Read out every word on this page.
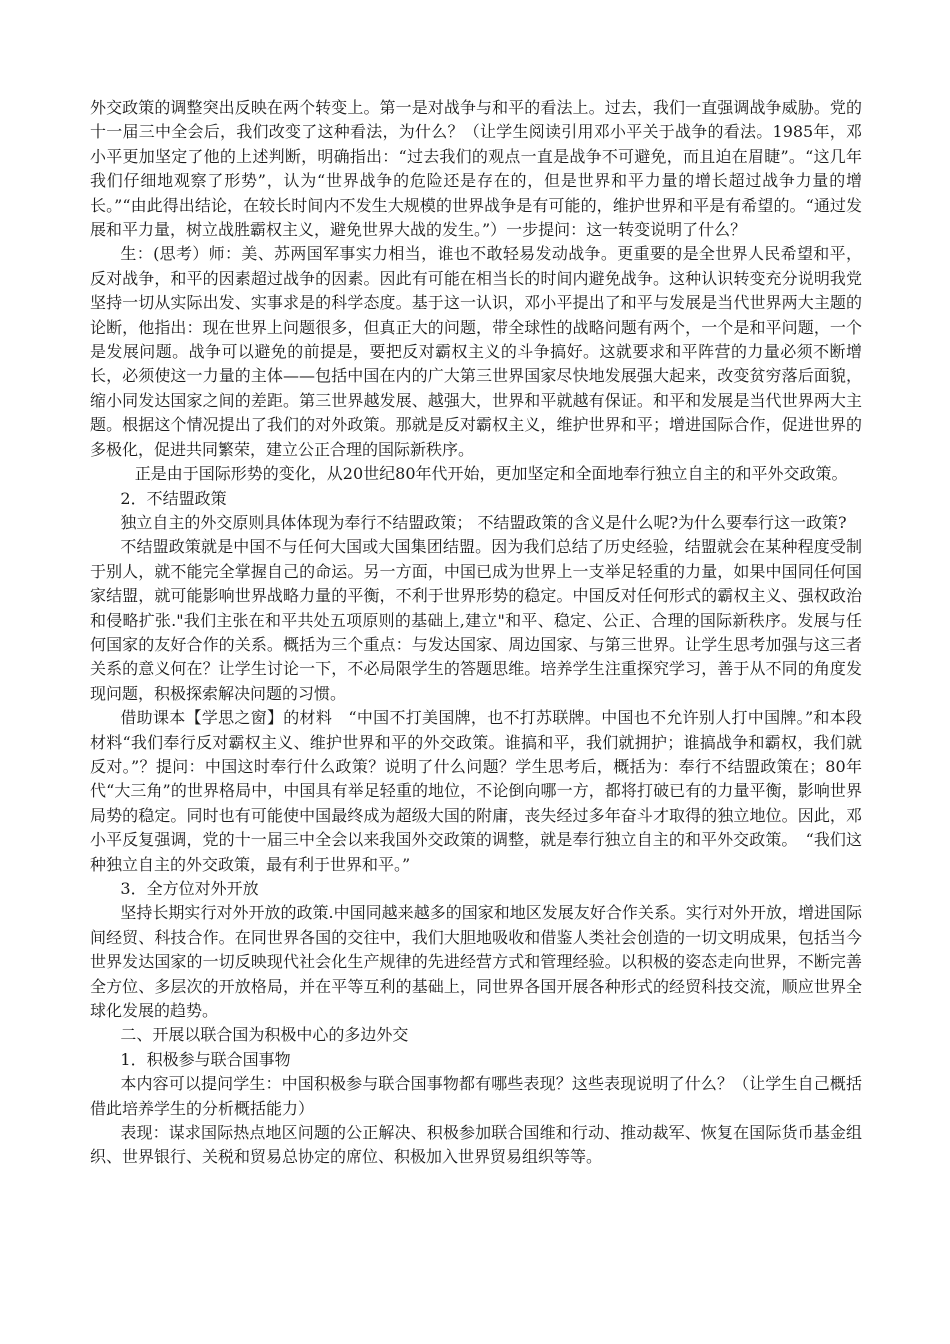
外交政策的调整突出反映在两个转变上。第一是对战争与和平的看法上。过去，我们一直强调战争威胁。党的十一届三中全会后，我们改变了这种看法，为什么？（让学生阅读引用邓小平关于战争的看法。1985年，邓小平更加坚定了他的上述判断，明确指出：“过去我们的观点一直是战争不可避免，而且迫在眉睫”。“这几年我们仔细地观察了形势”，认为“世界战争的危险还是存在的，但是世界和平力量的增长超过战争力量的增长。”“由此得出结论，在较长时间内不发生大规模的世界战争是有可能的，维护世界和平是有希望的。“通过发展和平力量，树立战胜霸权主义，避免世界大战的发生。”）一步提问：这一转变说明了什么？

生：(思考）师：美、苏两国军事实力相当，谁也不敢轻易发动战争。更重要的是全世界人民希望和平，反对战争，和平的因素超过战争的因素。因此有可能在相当长的时间内避免战争。这种认识转变充分说明我党坚持一切从实际出发、实事求是的科学态度。基于这一认识，邓小平提出了和平与发展是当代世界两大主题的论断，他指出：现在世界上问题很多，但真正大的问题，带全球性的战略问题有两个，一个是和平问题，一个是发展问题。战争可以避免的前提是，要把反对霸权主义的斗争搞好。这就要求和平阵营的力量必须不断增长，必须使这一力量的主体——包括中国在内的广大第三世界国家尽快地发展强大起来，改变贫穷落后面貌，缩小同发达国家之间的差距。第三世界越发展、越强大，世界和平就越有保证。和平和发展是当代世界两大主题。根据这个情况提出了我们的对外政策。那就是反对霸权主义，维护世界和平；增进国际合作，促进世界的多极化，促进共同繁荣，建立公正合理的国际新秩序。

正是由于国际形势的变化，从20世纪80年代开始，更加坚定和全面地奉行独立自主的和平外交政策。

2．不结盟政策

独立自主的外交原则具体体现为奉行不结盟政策； 不结盟政策的含义是什么呢?为什么要奉行这一政策?

不结盟政策就是中国不与任何大国或大国集团结盟。因为我们总结了历史经验，结盟就会在某种程度受制于别人，就不能完全掌握自己的命运。另一方面，中国已成为世界上一支举足轻重的力量，如果中国同任何国家结盟，就可能影响世界战略力量的平衡，不利于世界形势的稳定。中国反对任何形式的霸权主义、强权政治和侵略扩张."我们主张在和平共处五项原则的基础上,建立"和平、稳定、公正、合理的国际新秩序。发展与任何国家的友好合作的关系。概括为三个重点：与发达国家、周边国家、与第三世界。让学生思考加强与这三者关系的意义何在？让学生讨论一下，不必局限学生的答题思维。培养学生注重探究学习，善于从不同的角度发现问题，积极探索解决问题的习惯。

借助课本【学思之窗】的材料　“中国不打美国牌，也不打苏联牌。中国也不允许别人打中国牌。”和本段材料“我们奉行反对霸权主义、维护世界和平的外交政策。谁搞和平，我们就拥护；谁搞战争和霸权，我们就反对。”？提问：中国这时奉行什么政策？说明了什么问题？学生思考后，概括为：奉行不结盟政策在；80年代“大三角”的世界格局中，中国具有举足轻重的地位，不论倒向哪一方，都将打破已有的力量平衡，影响世界局势的稳定。同时也有可能使中国最终成为超级大国的附庸，丧失经过多年奋斗才取得的独立地位。因此，邓小平反复强调，党的十一届三中全会以来我国外交政策的调整，就是奉行独立自主的和平外交政策。　“我们这种独立自主的外交政策，最有利于世界和平。”

3．全方位对外开放

坚持长期实行对外开放的政策.中国同越来越多的国家和地区发展友好合作关系。实行对外开放，增进国际间经贸、科技合作。在同世界各国的交往中，我们大胆地吸收和借鉴人类社会创造的一切文明成果，包括当今世界发达国家的一切反映现代社会化生产规律的先进经营方式和管理经验。以积极的姿态走向世界，不断完善全方位、多层次的开放格局，并在平等互利的基础上，同世界各国开展各种形式的经贸科技交流，顺应世界全球化发展的趋势。

二、开展以联合国为积极中心的多边外交

1．积极参与联合国事物

本内容可以提问学生：中国积极参与联合国事物都有哪些表现？这些表现说明了什么？（让学生自己概括借此培养学生的分析概括能力）

表现：谋求国际热点地区问题的公正解决、积极参加联合国维和行动、推动裁军、恢复在国际货币基金组织、世界银行、关税和贸易总协定的席位、积极加入世界贸易组织等等。
